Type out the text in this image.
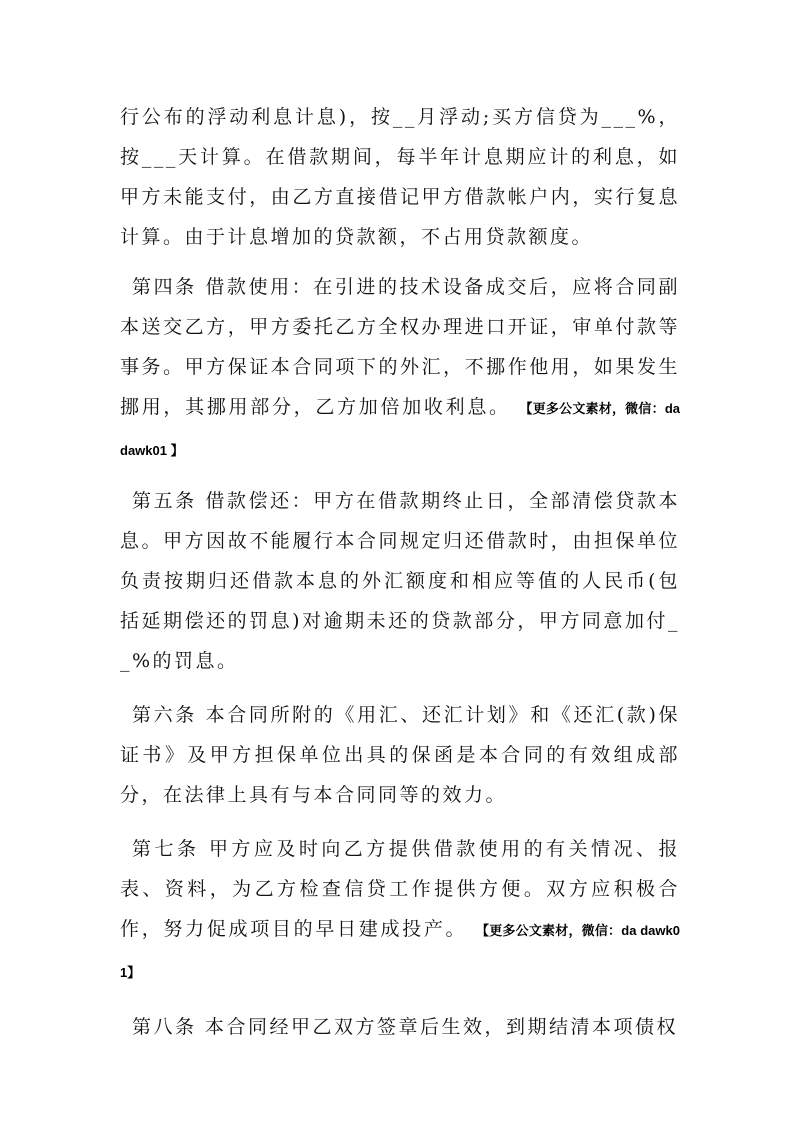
行公布的浮动利息计息)，按__月浮动;买方信贷为___%，按___天计算。在借款期间，每半年计息期应计的利息，如甲方未能支付，由乙方直接借记甲方借款帐户内，实行复息计算。由于计息增加的贷款额，不占用贷款额度。

第四条 借款使用：在引进的技术设备成交后，应将合同副本送交乙方，甲方委托乙方全权办理进口开证，审单付款等事务。甲方保证本合同项下的外汇，不挪作他用，如果发生挪用，其挪用部分，乙方加倍加收利息。 【更多公文素材，微信：dadawk01 】

第五条 借款偿还：甲方在借款期终止日，全部清偿贷款本息。甲方因故不能履行本合同规定归还借款时，由担保单位负责按期归还借款本息的外汇额度和相应等值的人民币(包括延期偿还的罚息)对逾期未还的贷款部分，甲方同意加付__%的罚息。

第六条 本合同所附的《用汇、还汇计划》和《还汇(款)保证书》及甲方担保单位出具的保函是本合同的有效组成部分，在法律上具有与本合同同等的效力。

第七条 甲方应及时向乙方提供借款使用的有关情况、报表、资料，为乙方检查信贷工作提供方便。双方应积极合作，努力促成项目的早日建成投产。 【更多公文素材，微信：da dawk01】

第八条 本合同经甲乙双方签章后生效，到期结清本项债权
